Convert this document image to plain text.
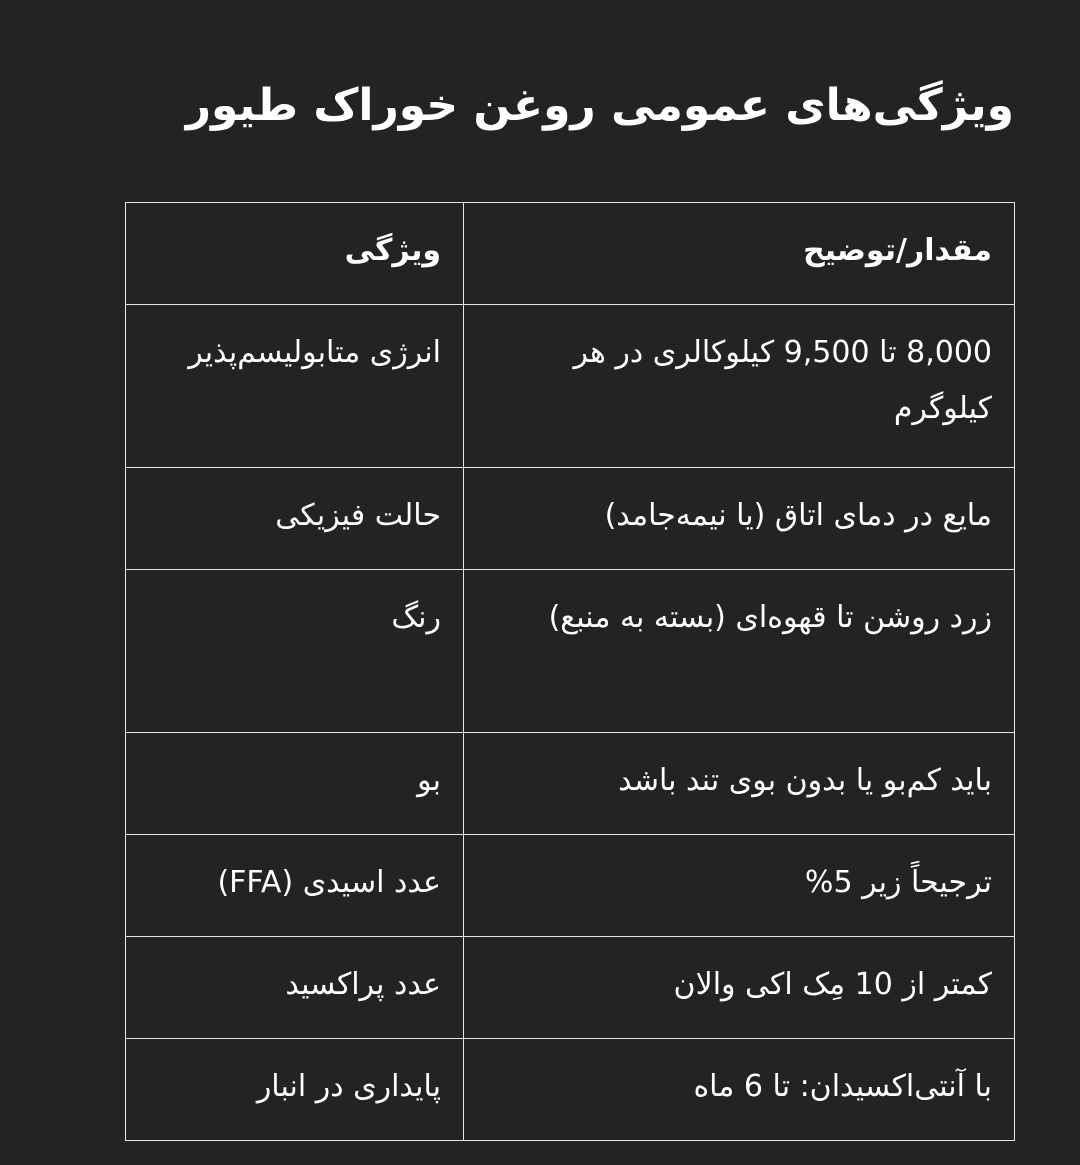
ویژگی‌های عمومی روغن خوراک طیور
مقدار/توضیح	ویژگی
8,000 تا 9,500 کیلوکالری در هر کیلوگرم	انرژی متابولیسم‌پذیر
مایع در دمای اتاق (یا نیمه‌جامد)	حالت فیزیکی
زرد روشن تا قهوه‌ای (بسته به منبع)	رنگ
باید کم‌بو یا بدون بوی تند باشد	بو
ترجیحاً زیر 5%	عدد اسیدی (FFA)
کمتر از 10 مِک اکی والان	عدد پراکسید
با آنتی‌اکسیدان: تا 6 ماه	پایداری در انبار
